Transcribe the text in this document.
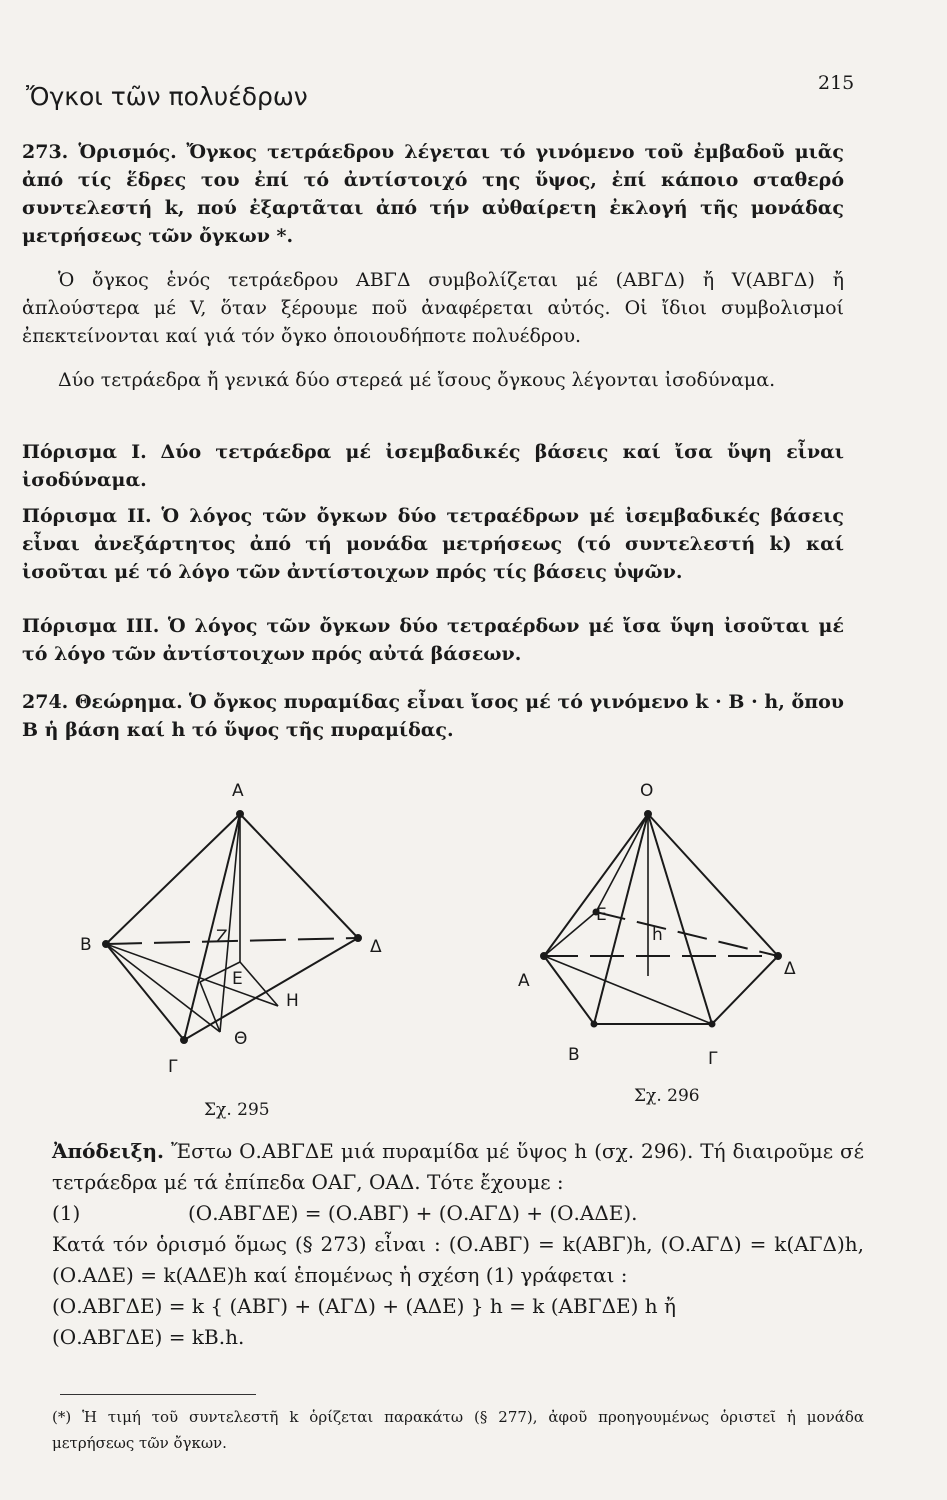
Ὄγκοι τῶν πολυέδρων	215
273. Ὁρισμός. Ὄγκος τετράεδρου λέγεται τό γινόμενο τοῦ ἐμβαδοῦ μιᾶς ἀπό τίς ἕδρες του ἐπί τό ἀντίστοιχό της ὕψος, ἐπί κάποιο σταθερό συντελεστή k, πού ἐξαρτᾶται ἀπό τήν αὐθαίρετη ἐκλογή τῆς μονάδας μετρήσεως τῶν ὄγκων *.
Ὁ ὄγκος ἑνός τετράεδρου ΑΒΓΔ συμβολίζεται μέ (ΑΒΓΔ) ἤ V(ΑΒΓΔ) ἤ ἁπλούστερα μέ V, ὅταν ξέρουμε ποῦ ἀναφέρεται αὐτός. Οἱ ἴδιοι συμβολισμοί ἐπεκτείνονται καί γιά τόν ὄγκο ὁποιουδήποτε πολυέδρου.
Δύο τετράεδρα ἤ γενικά δύο στερεά μέ ἴσους ὄγκους λέγονται ἰσοδύναμα.
Πόρισμα I. Δύο τετράεδρα μέ ἰσεμβαδικές βάσεις καί ἴσα ὕψη εἶναι ἰσοδύναμα.
Πόρισμα II. Ὁ λόγος τῶν ὄγκων δύο τετραέδρων μέ ἰσεμβαδικές βάσεις εἶναι ἀνεξάρτητος ἀπό τή μονάδα μετρήσεως (τό συντελεστή k) καί ἰσοῦται μέ τό λόγο τῶν ἀντίστοιχων πρός τίς βάσεις ὑψῶν.
Πόρισμα III. Ὁ λόγος τῶν ὄγκων δύο τετραέρδων μέ ἴσα ὕψη ἰσοῦται μέ τό λόγο τῶν ἀντίστοιχων πρός αὐτά βάσεων.
274. Θεώρημα. Ὁ ὄγκος πυραμίδας εἶναι ἴσος μέ τό γινόμενο k · B · h, ὅπου B ἡ βάση καί h τό ὕψος τῆς πυραμίδας.
A
B	Δ
Γ
Z
E
H
Θ
O
E
h
A
Δ
B	Γ
Σχ. 295
Σχ. 296
Ἀπόδειξη. Ἔστω Ο.ΑΒΓΔΕ μιά πυραμίδα μέ ὕψος h (σχ. 296). Τή διαιροῦμε σέ τετράεδρα μέ τά ἐπίπεδα ΟΑΓ, ΟΑΔ. Τότε ἔχουμε :
(1)	(Ο.ΑΒΓΔΕ) = (Ο.ΑΒΓ) + (Ο.ΑΓΔ) + (Ο.ΑΔΕ).
Κατά τόν ὁρισμό ὅμως (§ 273) εἶναι : (Ο.ΑΒΓ) = k(ΑΒΓ)h, (Ο.ΑΓΔ) = k(ΑΓΔ)h, (Ο.ΑΔΕ) = k(ΑΔΕ)h καί ἑπομένως ἡ σχέση (1) γράφεται :
(Ο.ΑΒΓΔΕ) = k { (ΑΒΓ) + (ΑΓΔ) + (ΑΔΕ) } h = k (ΑΒΓΔΕ) h ἤ
(Ο.ΑΒΓΔΕ) = kB.h.
(*) Ἡ τιμή τοῦ συντελεστῆ k ὁρίζεται παρακάτω (§ 277), ἀφοῦ προηγουμένως ὁριστεῖ ἡ μονάδα μετρήσεως τῶν ὄγκων.
